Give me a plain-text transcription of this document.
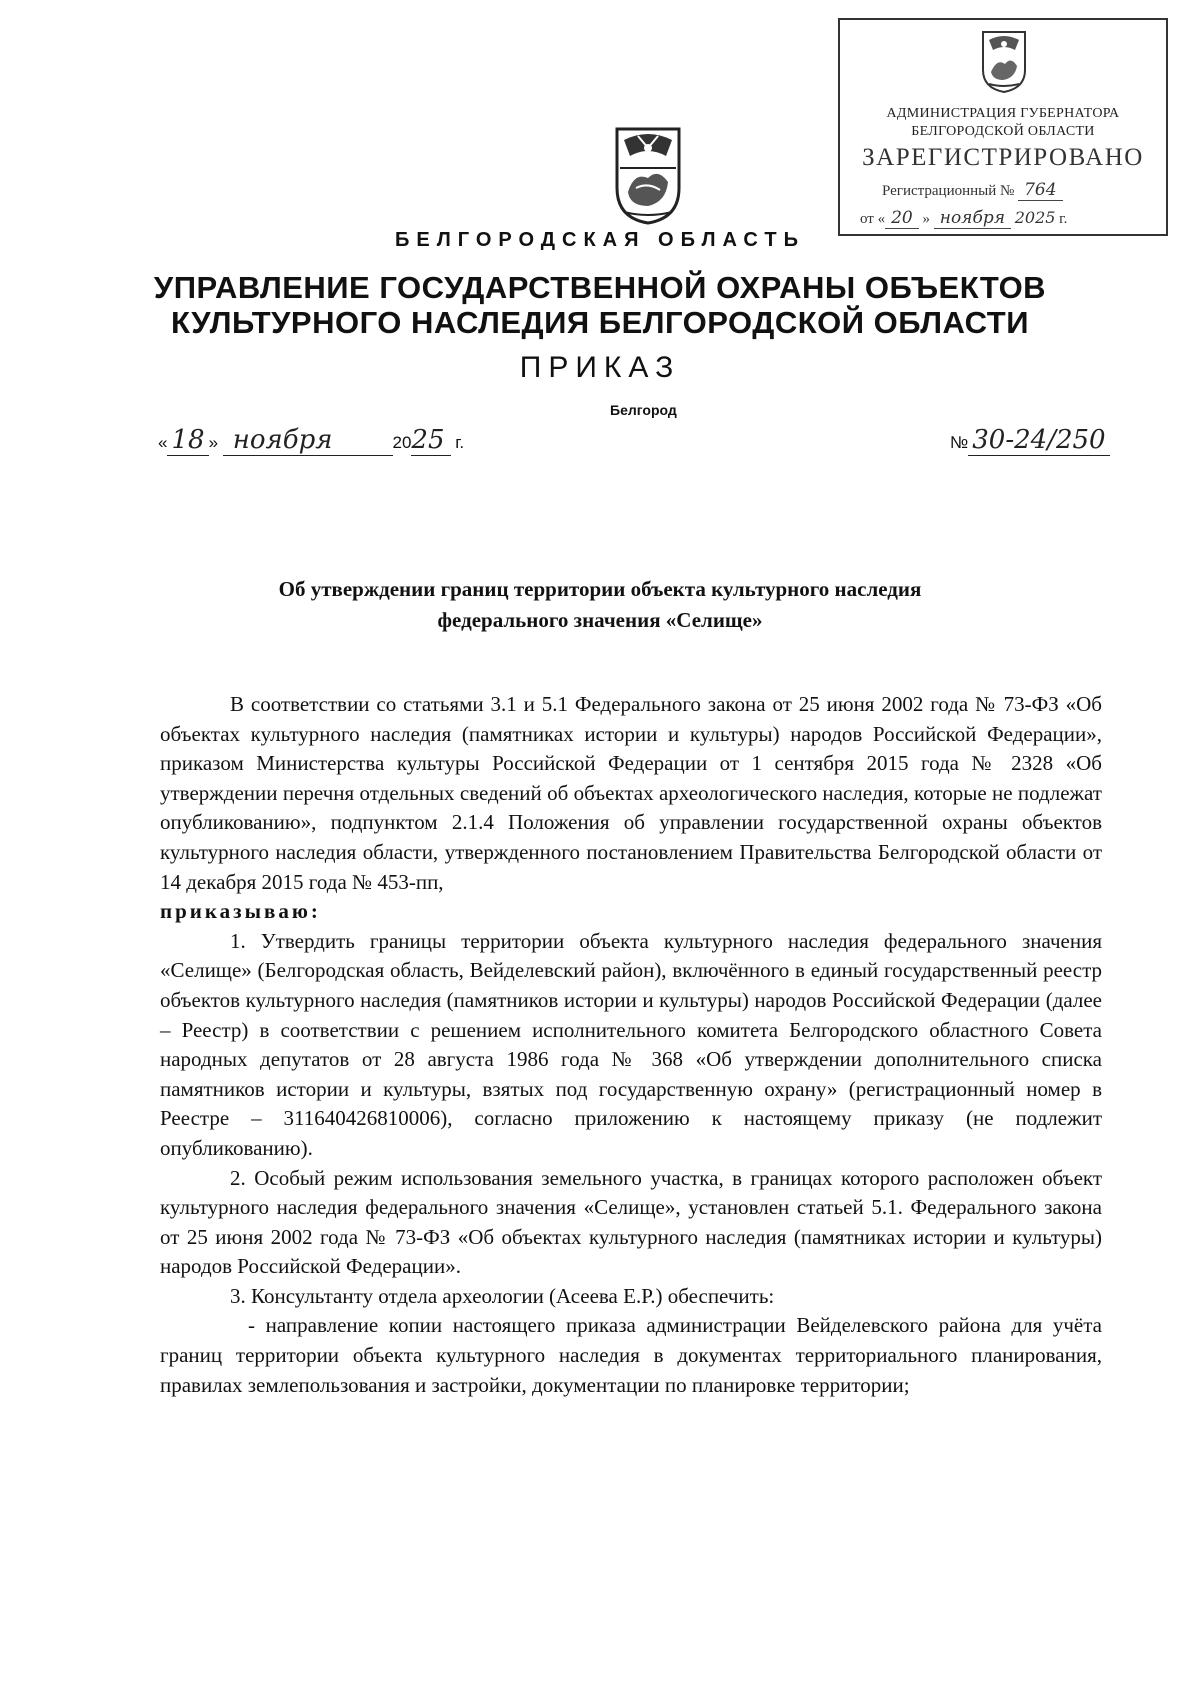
АДМИНИСТРАЦИЯ ГУБЕРНАТОРА
БЕЛГОРОДСКОЙ ОБЛАСТИ
ЗАРЕГИСТРИРОВАНО
Регистрационный № 764
от « 20 » ноября 2025 г.
БЕЛГОРОДСКАЯ ОБЛАСТЬ
УПРАВЛЕНИЕ ГОСУДАРСТВЕННОЙ ОХРАНЫ ОБЪЕКТОВ
КУЛЬТУРНОГО НАСЛЕДИЯ БЕЛГОРОДСКОЙ ОБЛАСТИ
ПРИКАЗ
Белгород
« 18 » ноября	2025 г.	№ 30-24/250
Об утверждении границ территории объекта культурного наследия
федерального значения «Селище»

В соответствии со статьями 3.1 и 5.1 Федерального закона от 25 июня 2002 года № 73-ФЗ «Об объектах культурного наследия (памятниках истории и культуры) народов Российской Федерации», приказом Министерства культуры Российской Федерации от 1 сентября 2015 года № 2328 «Об утверждении перечня отдельных сведений об объектах археологического наследия, которые не подлежат опубликованию», подпунктом 2.1.4 Положения об управлении государственной охраны объектов культурного наследия области, утвержденного постановлением Правительства Белгородской области от 14 декабря 2015 года № 453-пп,

приказываю:

1. Утвердить границы территории объекта культурного наследия федерального значения «Селище» (Белгородская область, Вейделевский район), включённого в единый государственный реестр объектов культурного наследия (памятников истории и культуры) народов Российской Федерации (далее – Реестр) в соответствии с решением исполнительного комитета Белгородского областного Совета народных депутатов от 28 августа 1986 года № 368 «Об утверждении дополнительного списка памятников истории и культуры, взятых под государственную охрану» (регистрационный номер в Реестре – 311640426810006), согласно приложению к настоящему приказу (не подлежит опубликованию).

2. Особый режим использования земельного участка, в границах которого расположен объект культурного наследия федерального значения «Селище», установлен статьей 5.1. Федерального закона от 25 июня 2002 года № 73-ФЗ «Об объектах культурного наследия (памятниках истории и культуры) народов Российской Федерации».

3. Консультанту отдела археологии (Асеева Е.Р.) обеспечить:

- направление копии настоящего приказа администрации Вейделевского района для учёта границ территории объекта культурного наследия в документах территориального планирования, правилах землепользования и застройки, документации по планировке территории;
